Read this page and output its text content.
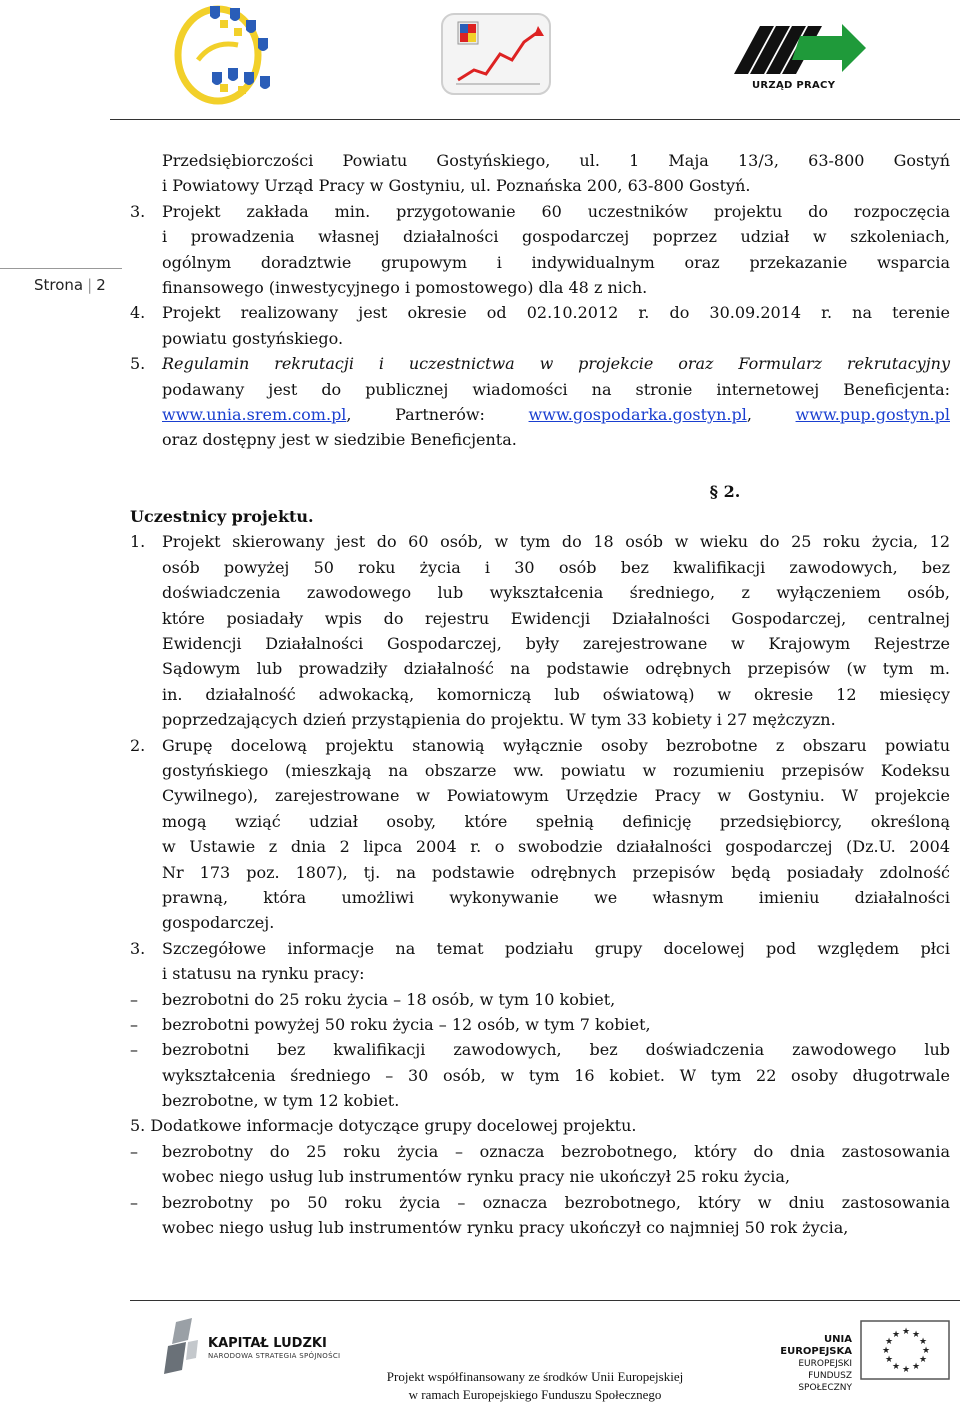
URZĄD PRACY
Strona | 2
Przedsiębiorczości Powiatu Gostyńskiego, ul. 1 Maja 13/3, 63-800 Gostyń
i Powiatowy Urząd Pracy w Gostyniu, ul. Poznańska 200, 63-800 Gostyń.
3.	Projekt zakłada min. przygotowanie 60 uczestników projektu do rozpoczęcia
i prowadzenia własnej działalności gospodarczej poprzez udział w szkoleniach,
ogólnym doradztwie grupowym i indywidualnym oraz przekazanie wsparcia
finansowego (inwestycyjnego i pomostowego) dla 48 z nich.
4.	Projekt realizowany jest okresie od 02.10.2012 r. do 30.09.2014 r. na terenie
powiatu gostyńskiego.
5.	Regulamin rekrutacji i uczestnictwa w projekcie oraz Formularz rekrutacyjny
podawany jest do publicznej wiadomości na stronie internetowej Beneficjenta:
www.unia.srem.com.pl, Partnerów: www.gospodarka.gostyn.pl, www.pup.gostyn.pl
oraz dostępny jest w siedzibie Beneficjenta.
§ 2.
Uczestnicy projektu.
1.	Projekt skierowany jest do 60 osób, w tym do 18 osób w wieku do 25 roku życia, 12
osób powyżej 50 roku życia i 30 osób bez kwalifikacji zawodowych, bez
doświadczenia zawodowego lub wykształcenia średniego, z wyłączeniem osób,
które posiadały wpis do rejestru Ewidencji Działalności Gospodarczej, centralnej
Ewidencji Działalności Gospodarczej, były zarejestrowane w Krajowym Rejestrze
Sądowym lub prowadziły działalność na podstawie odrębnych przepisów (w tym m.
in. działalność adwokacką, komorniczą lub oświatową) w okresie 12 miesięcy
poprzedzających dzień przystąpienia do projektu. W tym 33 kobiety i 27 mężczyzn.
2.	Grupę docelową projektu stanowią wyłącznie osoby bezrobotne z obszaru powiatu
gostyńskiego (mieszkają na obszarze ww. powiatu w rozumieniu przepisów Kodeksu
Cywilnego), zarejestrowane w Powiatowym Urzędzie Pracy w Gostyniu. W projekcie
mogą wziąć udział osoby, które spełnią definicję przedsiębiorcy, określoną
w Ustawie z dnia 2 lipca 2004 r. o swobodzie działalności gospodarczej (Dz.U. 2004
Nr 173 poz. 1807), tj. na podstawie odrębnych przepisów będą posiadały zdolność
prawną, która umożliwi wykonywanie we własnym imieniu działalności
gospodarczej.
3.	Szczegółowe informacje na temat podziału grupy docelowej pod względem płci
i statusu na rynku pracy:
–	bezrobotni do 25 roku życia – 18 osób, w tym 10 kobiet,
–	bezrobotni powyżej 50 roku życia – 12 osób, w tym 7 kobiet,
–	bezrobotni bez kwalifikacji zawodowych, bez doświadczenia zawodowego lub
wykształcenia średniego – 30 osób, w tym 16 kobiet. W tym 22 osoby długotrwale
bezrobotne, w tym 12 kobiet.
5. Dodatkowe informacje dotyczące grupy docelowej projektu.
–	bezrobotny do 25 roku życia – oznacza bezrobotnego, który do dnia zastosowania
wobec niego usług lub instrumentów rynku pracy nie ukończył 25 roku życia,
–	bezrobotny po 50 roku życia – oznacza bezrobotnego, który w dniu zastosowania
wobec niego usług lub instrumentów rynku pracy ukończył co najmniej 50 rok życia,
KAPITAŁ LUDZKI
NARODOWA STRATEGIA SPÓJNOŚCI
Projekt współfinansowany ze środków Unii Europejskiej
w ramach Europejskiego Funduszu Społecznego
UNIA EUROPEJSKA
EUROPEJSKI
FUNDUSZ SPOŁECZNY
★ ★
★
★
★
★
★
★
★
★
★
★
